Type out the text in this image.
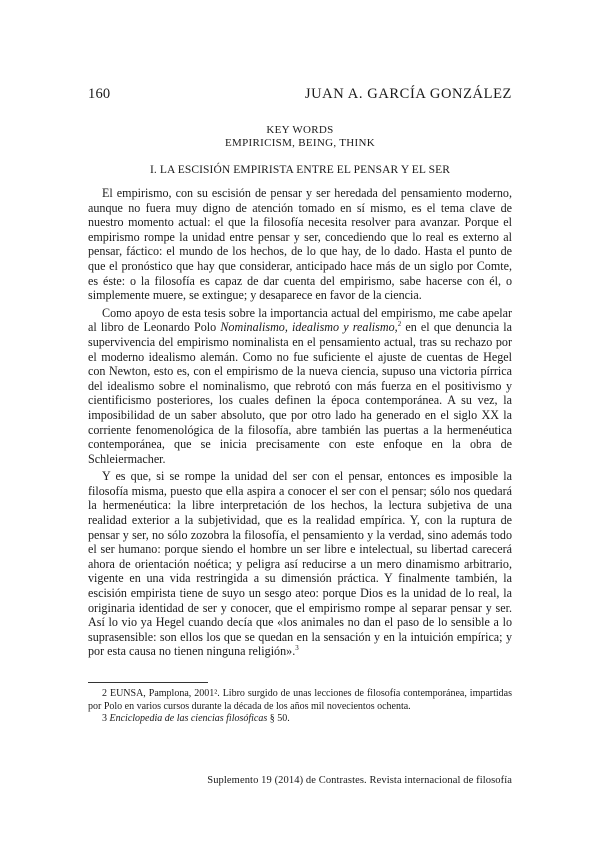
160	JUAN A. GARCÍA GONZÁLEZ
KEY WORDS
EMPIRICISM, BEING, THINK
I. LA ESCISIÓN EMPIRISTA ENTRE EL PENSAR Y EL SER

El empirismo, con su escisión de pensar y ser heredada del pensamiento moderno, aunque no fuera muy digno de atención tomado en sí mismo, es el tema clave de nuestro momento actual: el que la filosofía necesita resolver para avanzar. Porque el empirismo rompe la unidad entre pensar y ser, concediendo que lo real es externo al pensar, fáctico: el mundo de los hechos, de lo que hay, de lo dado. Hasta el punto de que el pronóstico que hay que considerar, anticipado hace más de un siglo por Comte, es éste: o la filosofía es capaz de dar cuenta del empirismo, sabe hacerse con él, o simplemente muere, se extingue; y desaparece en favor de la ciencia.

Como apoyo de esta tesis sobre la importancia actual del empirismo, me cabe apelar al libro de Leonardo Polo Nominalismo, idealismo y realismo,$^2$ en el que denuncia la supervivencia del empirismo nominalista en el pensamiento actual, tras su rechazo por el moderno idealismo alemán. Como no fue suficiente el ajuste de cuentas de Hegel con Newton, esto es, con el empirismo de la nueva ciencia, supuso una victoria pírrica del idealismo sobre el nominalismo, que rebrotó con más fuerza en el positivismo y cientificismo posteriores, los cuales definen la época contemporánea. A su vez, la imposibilidad de un saber absoluto, que por otro lado ha generado en el siglo XX la corriente fenomenológica de la filosofía, abre también las puertas a la hermenéutica contemporánea, que se inicia precisamente con este enfoque en la obra de Schleiermacher.

Y es que, si se rompe la unidad del ser con el pensar, entonces es imposible la filosofía misma, puesto que ella aspira a conocer el ser con el pensar; sólo nos quedará la hermenéutica: la libre interpretación de los hechos, la lectura subjetiva de una realidad exterior a la subjetividad, que es la realidad empírica. Y, con la ruptura de pensar y ser, no sólo zozobra la filosofía, el pensamiento y la verdad, sino además todo el ser humano: porque siendo el hombre un ser libre e intelectual, su libertad carecerá ahora de orientación noética; y peligra así reducirse a un mero dinamismo arbitrario, vigente en una vida restringida a su dimensión práctica. Y finalmente también, la escisión empirista tiene de suyo un sesgo ateo: porque Dios es la unidad de lo real, la originaria identidad de ser y conocer, que el empirismo rompe al separar pensar y ser. Así lo vio ya Hegel cuando decía que «los animales no dan el paso de lo sensible a lo suprasensible: son ellos los que se quedan en la sensación y en la intuición empírica; y por esta causa no tienen ninguna religión».$^3$

2 EUNSA, Pamplona, 2001². Libro surgido de unas lecciones de filosofía contemporánea, impartidas por Polo en varios cursos durante la década de los años mil novecientos ochenta.

3 Enciclopedia de las ciencias filosóficas § 50.

Suplemento 19 (2014) de Contrastes. Revista internacional de filosofía
